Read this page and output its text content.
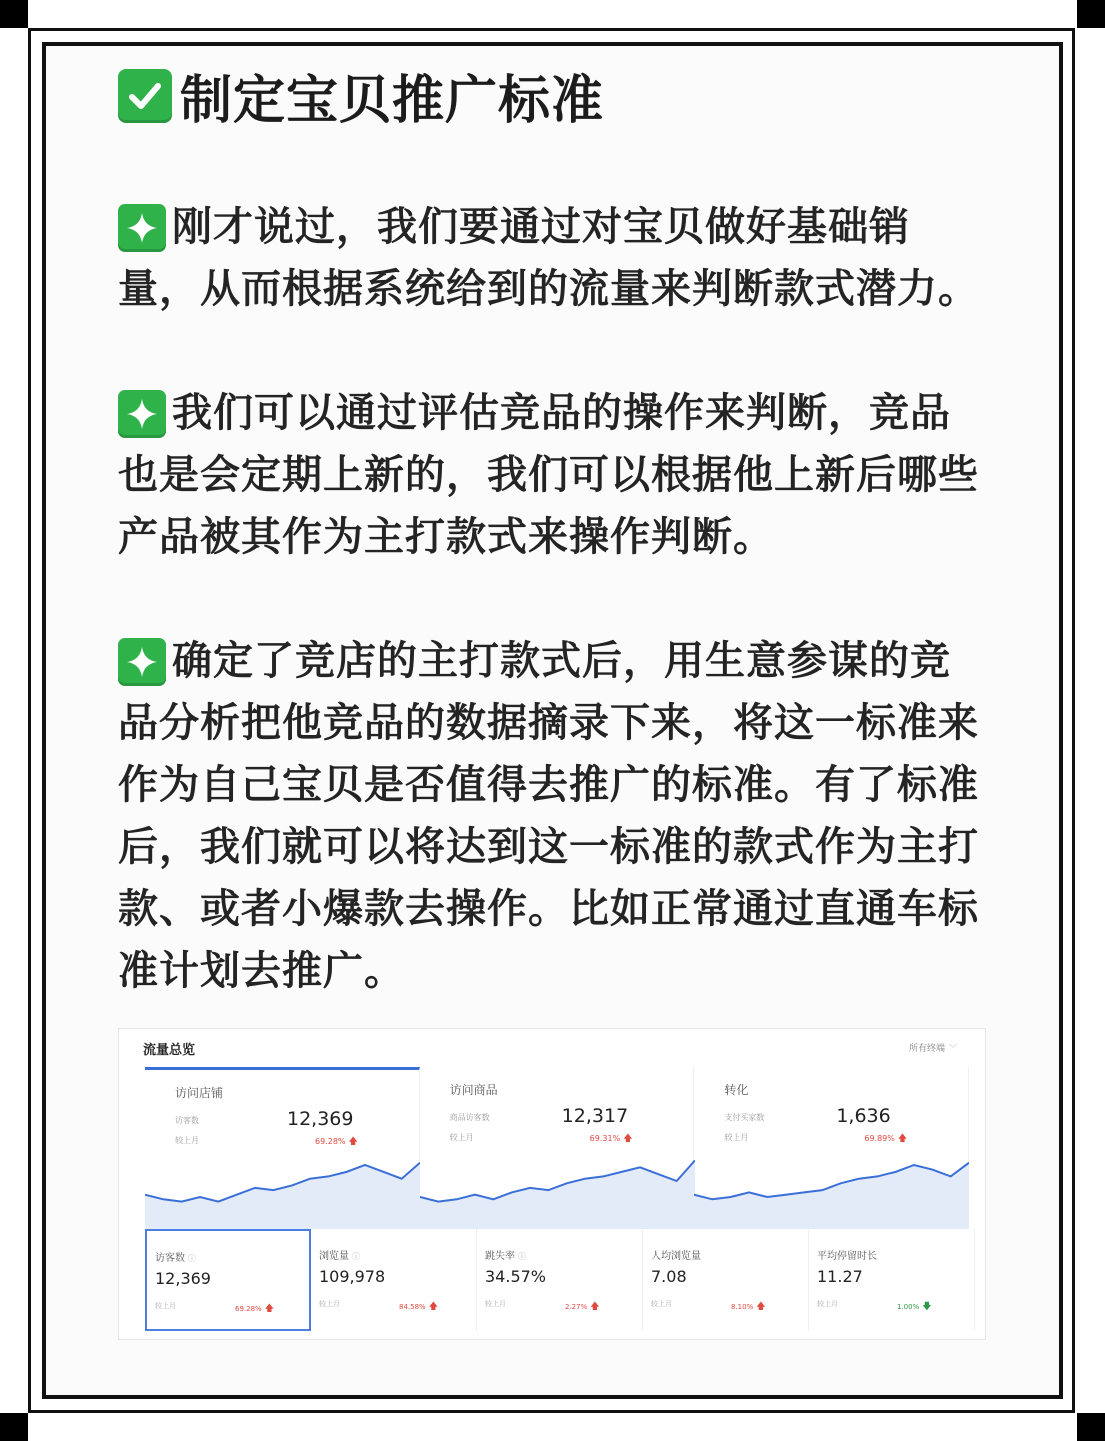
制定宝贝推广标准
刚才说过，我们要通过对宝贝做好基础销量，从而根据系统给到的流量来判断款式潜力。
我们可以通过评估竞品的操作来判断，竞品也是会定期上新的，我们可以根据他上新后哪些产品被其作为主打款式来操作判断。
确定了竞店的主打款式后，用生意参谋的竞品分析把他竞品的数据摘录下来，将这一标准来作为自己宝贝是否值得去推广的标准。有了标准后，我们就可以将达到这一标准的款式作为主打款、或者小爆款去操作。比如正常通过直通车标准计划去推广。
流量总览	所有终端 ﹀
访问店铺
访客数
较上月
12,369
69.28% 🡅
访问商品
商品访客数
较上月
12,317
69.31% 🡅
转化
支付买家数
较上月
1,636
69.89% 🡅
访客数 ⓘ
12,369
较上月	69.28% 🡅
浏览量 ⓘ
109,978
较上月	84.58% 🡅
跳失率 ⓘ
34.57%
较上月	2.27% 🡅
人均浏览量
7.08
较上月	8.10% 🡅
平均停留时长
11.27
较上月	1.00% 🡇
